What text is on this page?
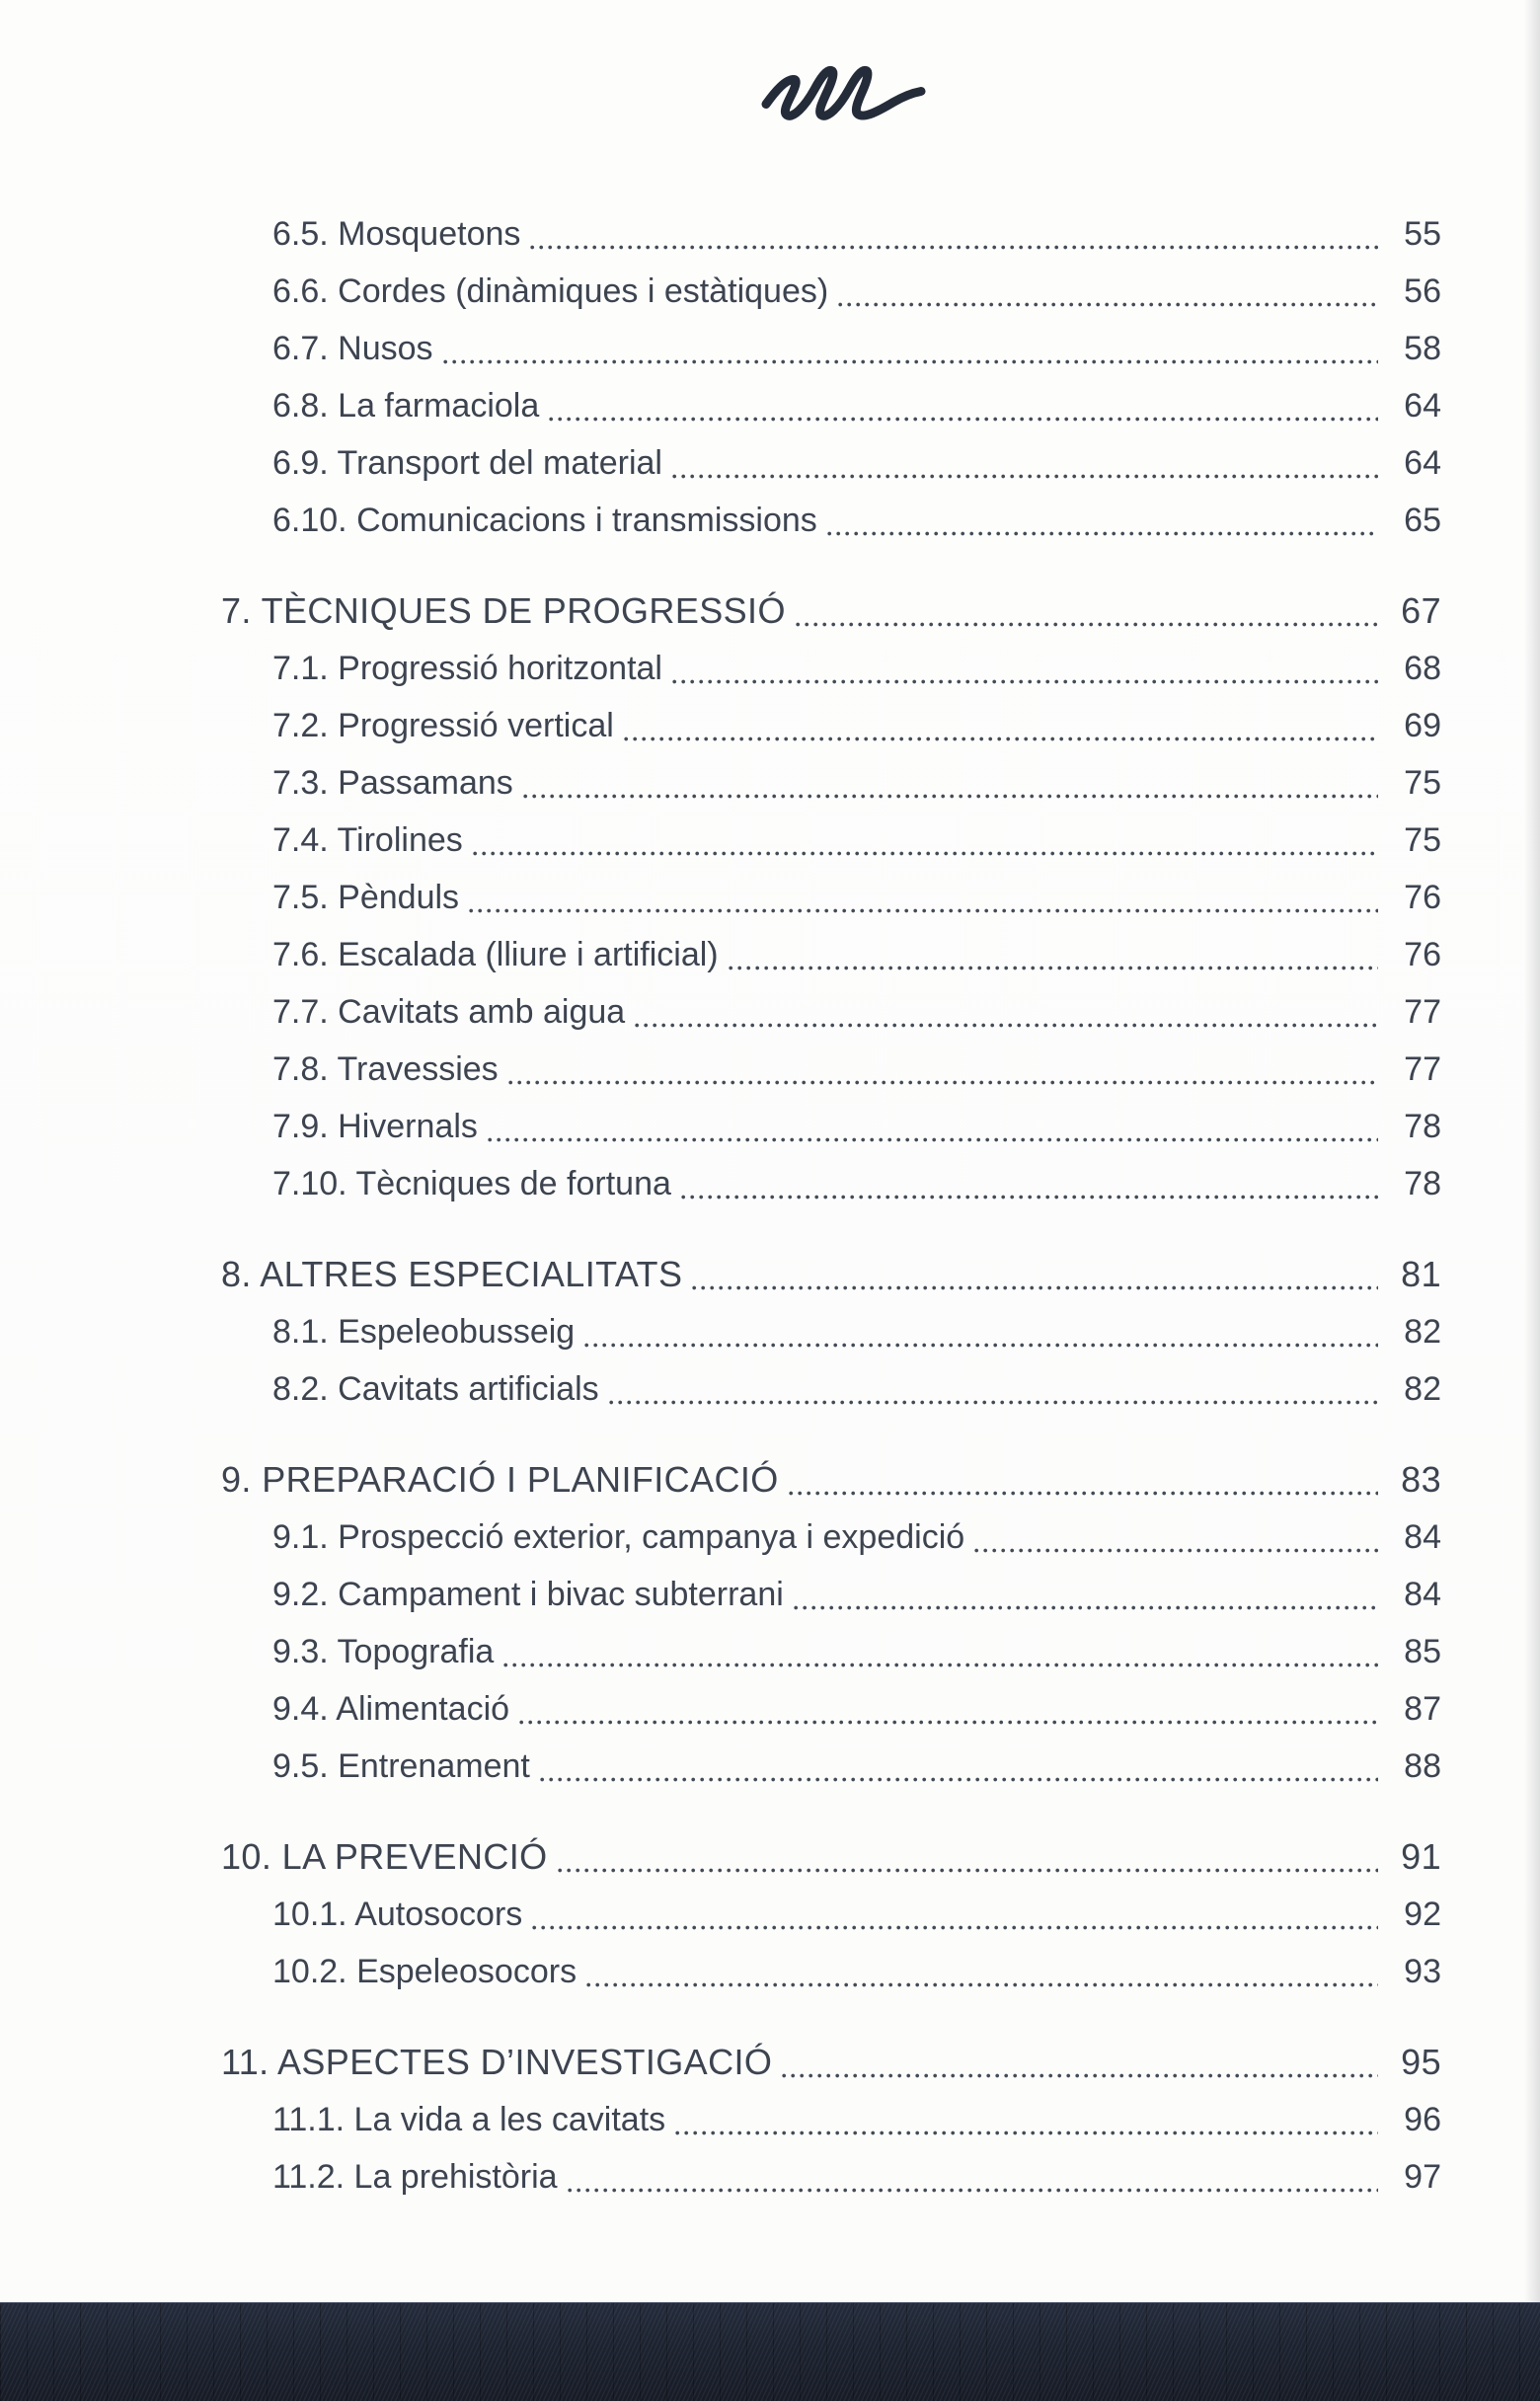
6.5. Mosquetons	55
6.6. Cordes (dinàmiques i estàtiques)	56
6.7. Nusos	58
6.8. La farmaciola	64
6.9. Transport del material	64
6.10. Comunicacions i transmissions	65
7. TÈCNIQUES DE PROGRESSIÓ	67
7.1. Progressió horitzontal	68
7.2. Progressió vertical	69
7.3. Passamans	75
7.4. Tirolines	75
7.5. Pènduls	76
7.6. Escalada (lliure i artificial)	76
7.7. Cavitats amb aigua	77
7.8. Travessies	77
7.9. Hivernals	78
7.10. Tècniques de fortuna	78
8. ALTRES ESPECIALITATS	81
8.1. Espeleobusseig	82
8.2. Cavitats artificials	82
9. PREPARACIÓ I PLANIFICACIÓ	83
9.1. Prospecció exterior, campanya i expedició	84
9.2. Campament i bivac subterrani	84
9.3. Topografia	85
9.4. Alimentació	87
9.5. Entrenament	88
10. LA PREVENCIÓ	91
10.1. Autosocors	92
10.2. Espeleosocors	93
11. ASPECTES D’INVESTIGACIÓ	95
11.1. La vida a les cavitats	96
11.2. La prehistòria	97
